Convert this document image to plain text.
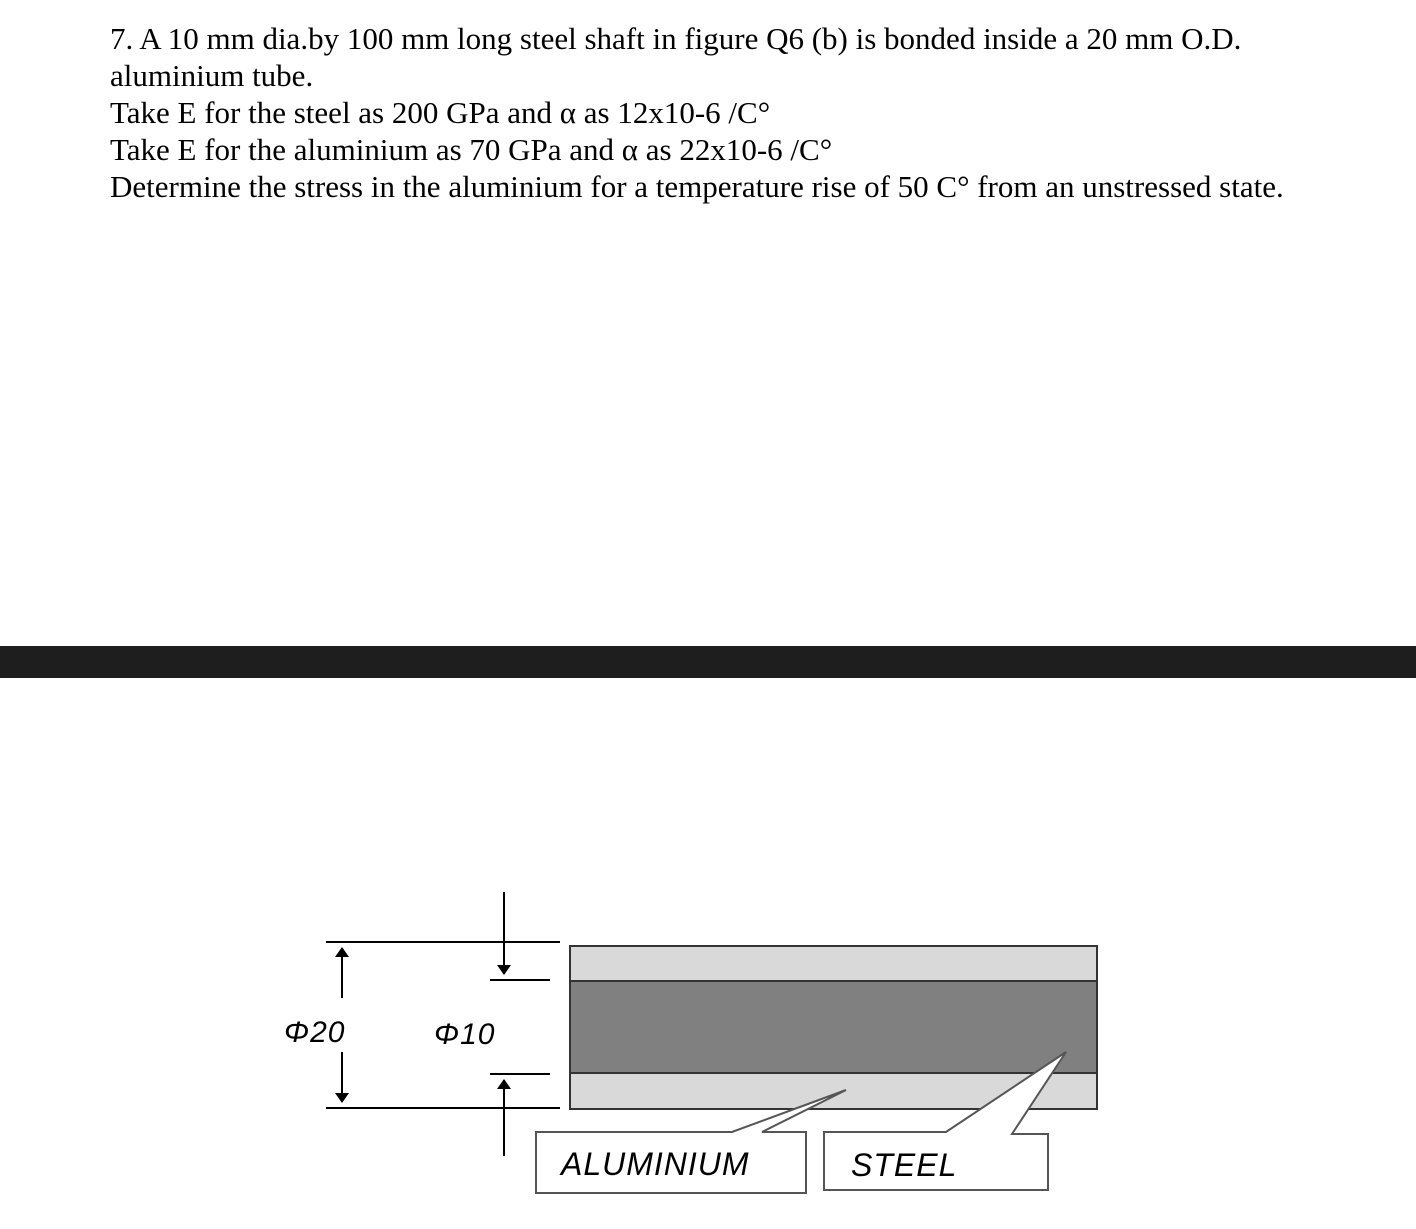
7. A 10 mm dia.by 100 mm long steel shaft in figure Q6 (b) is bonded inside a 20 mm O.D.

aluminium tube.

Take E for the steel as 200 GPa and α as 12x10-6 /C°

Take E for the aluminium as 70 GPa and α as 22x10-6 /C°

Determine the stress in the aluminium for a temperature rise of 50 C° from an unstressed state.

Φ20	Φ10
ALUMINIUM	STEEL
